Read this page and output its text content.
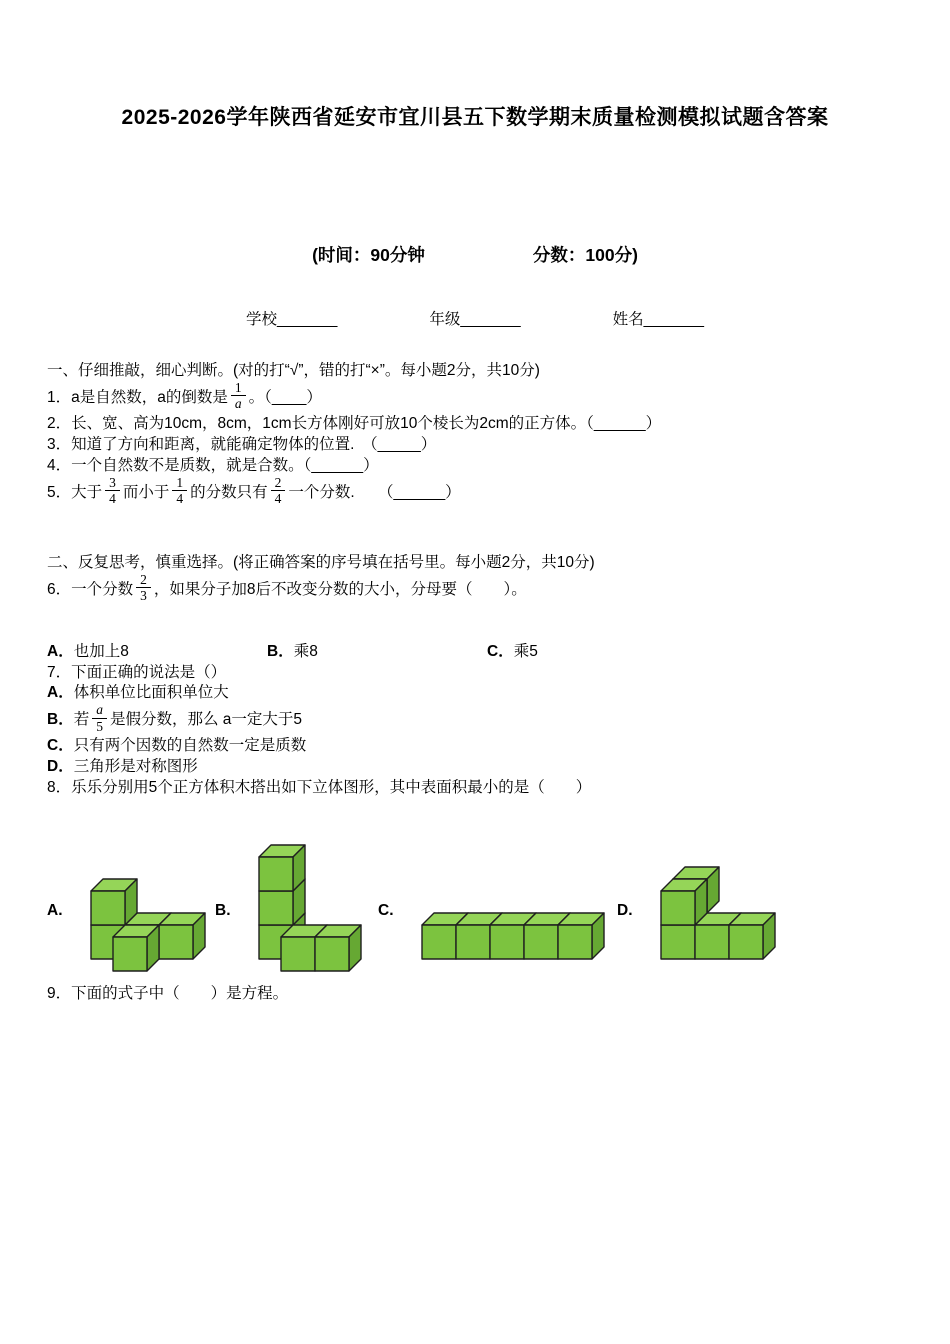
2025-2026学年陕西省延安市宜川县五下数学期末质量检测模拟试题含答案
(时间：90分钟	分数：100分)
学校_______	年级_______	姓名_______

一、仔细推敲，细心判断。(对的打“√”，错的打“×”。每小题2分，共10分)

1．a是自然数，a的倒数是 $\frac{1}{a}$ 。（____）

2．长、宽、高为10cm，8cm，1cm长方体刚好可放10个棱长为2cm的正方体。（______）

3．知道了方向和距离，就能确定物体的位置.　（_____）

4．一个自然数不是质数，就是合数。（______）

5．大于 $\frac{3}{4}$ 而小于 $\frac{1}{4}$ 的分数只有 $\frac{2}{4}$ 一个分数.　　（______）

二、反复思考，慎重选择。(将正确答案的序号填在括号里。每小题2分，共10分)

6．一个分数 $\frac{2}{3}$ ，如果分子加8后不改变分数的大小，分母要（　　）。

A．也加上8	B．乘8	C．乘5

7．下面正确的说法是（）

A．体积单位比面积单位大

B．若 $\frac{a}{5}$ 是假分数，那么 a一定大于5

C．只有两个因数的自然数一定是质数

D．三角形是对称图形

8．乐乐分别用5个正方体积木搭出如下立体图形，其中表面积最小的是（　　）

A.	B.	C.	D.

9．下面的式子中（　　）是方程。
